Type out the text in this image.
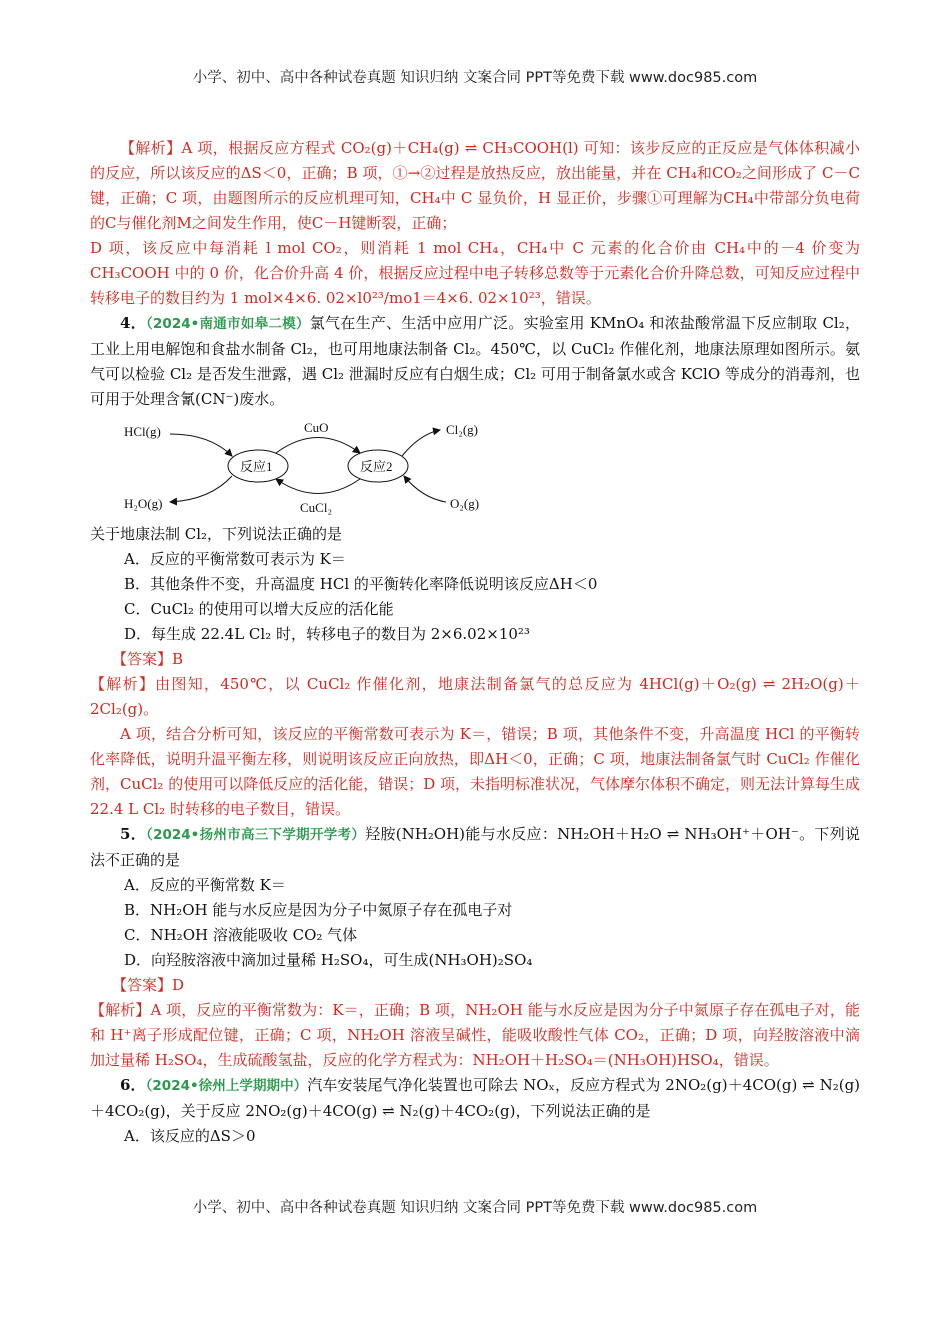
小学、初中、高中各种试卷真题 知识归纳 文案合同 PPT等免费下载 www.doc985.com

【解析】A 项，根据反应方程式 CO₂(g)＋CH₄(g) ⇌ CH₃COOH(l) 可知：该步反应的正反应是气体体积减小的反应，所以该反应的ΔS＜0，正确；B 项，①→②过程是放热反应，放出能量，并在 CH₄和CO₂之间形成了 C－C 键，正确；C 项，由题图所示的反应机理可知，CH₄中 C 显负价，H 显正价，步骤①可理解为CH₄中带部分负电荷的C与催化剂M之间发生作用，使C－H键断裂，正确；

D 项，该反应中每消耗 l mol CO₂，则消耗 1 mol CH₄，CH₄中 C 元素的化合价由 CH₄中的－4 价变为 CH₃COOH 中的 0 价，化合价升高 4 价，根据反应过程中电子转移总数等于元素化合价升降总数，可知反应过程中转移电子的数目约为 1 mol×4×6. 02×l0²³/mo1＝4×6. 02×10²³，错误。

4．（2024•南通市如皋二模）氯气在生产、生活中应用广泛。实验室用 KMnO₄ 和浓盐酸常温下反应制取 Cl₂，工业上用电解饱和食盐水制备 Cl₂，也可用地康法制备 Cl₂。450℃，以 CuCl₂ 作催化剂，地康法原理如图所示。氨气可以检验 Cl₂ 是否发生泄露，遇 Cl₂ 泄漏时反应有白烟生成；Cl₂ 可用于制备氯水或含 KClO 等成分的消毒剂，也可用于处理含氰(CN⁻)废水。

反应1	反应2
HCl(g)
H₂O(g)
CuO
CuCl₂
Cl₂(g)
O₂(g)

关于地康法制 Cl₂，下列说法正确的是

A．反应的平衡常数可表示为 K＝

B．其他条件不变，升高温度 HCl 的平衡转化率降低说明该反应ΔH＜0

C．CuCl₂ 的使用可以增大反应的活化能

D．每生成 22.4L Cl₂ 时，转移电子的数目为 2×6.02×10²³

【答案】B

【解析】由图知，450℃，以 CuCl₂ 作催化剂，地康法制备氯气的总反应为 4HCl(g)＋O₂(g) ⇌ 2H₂O(g)＋2Cl₂(g)。

A 项，结合分析可知，该反应的平衡常数可表示为 K＝，错误；B 项，其他条件不变，升高温度 HCl 的平衡转化率降低，说明升温平衡左移，则说明该反应正向放热，即ΔH＜0，正确；C 项，地康法制备氯气时 CuCl₂ 作催化剂，CuCl₂ 的使用可以降低反应的活化能，错误；D 项，未指明标准状况，气体摩尔体积不确定，则无法计算每生成 22.4 L Cl₂ 时转移的电子数目，错误。

5．（2024•扬州市高三下学期开学考）羟胺(NH₂OH)能与水反应：NH₂OH＋H₂O ⇌ NH₃OH⁺＋OH⁻。下列说法不正确的是

A．反应的平衡常数 K＝

B．NH₂OH 能与水反应是因为分子中氮原子存在孤电子对

C．NH₂OH 溶液能吸收 CO₂ 气体

D．向羟胺溶液中滴加过量稀 H₂SO₄，可生成(NH₃OH)₂SO₄

【答案】D

【解析】A 项，反应的平衡常数为：K＝，正确；B 项，NH₂OH 能与水反应是因为分子中氮原子存在孤电子对，能和 H⁺离子形成配位键，正确；C 项，NH₂OH 溶液呈碱性，能吸收酸性气体 CO₂，正确；D 项，向羟胺溶液中滴加过量稀 H₂SO₄，生成硫酸氢盐，反应的化学方程式为：NH₂OH＋H₂SO₄＝(NH₃OH)HSO₄，错误。

6．（2024•徐州上学期期中）汽车安装尾气净化装置也可除去 NOₓ，反应方程式为 2NO₂(g)＋4CO(g) ⇌ N₂(g)＋4CO₂(g)，关于反应 2NO₂(g)＋4CO(g) ⇌ N₂(g)＋4CO₂(g)，下列说法正确的是

A．该反应的ΔS＞0

小学、初中、高中各种试卷真题 知识归纳 文案合同 PPT等免费下载 www.doc985.com
